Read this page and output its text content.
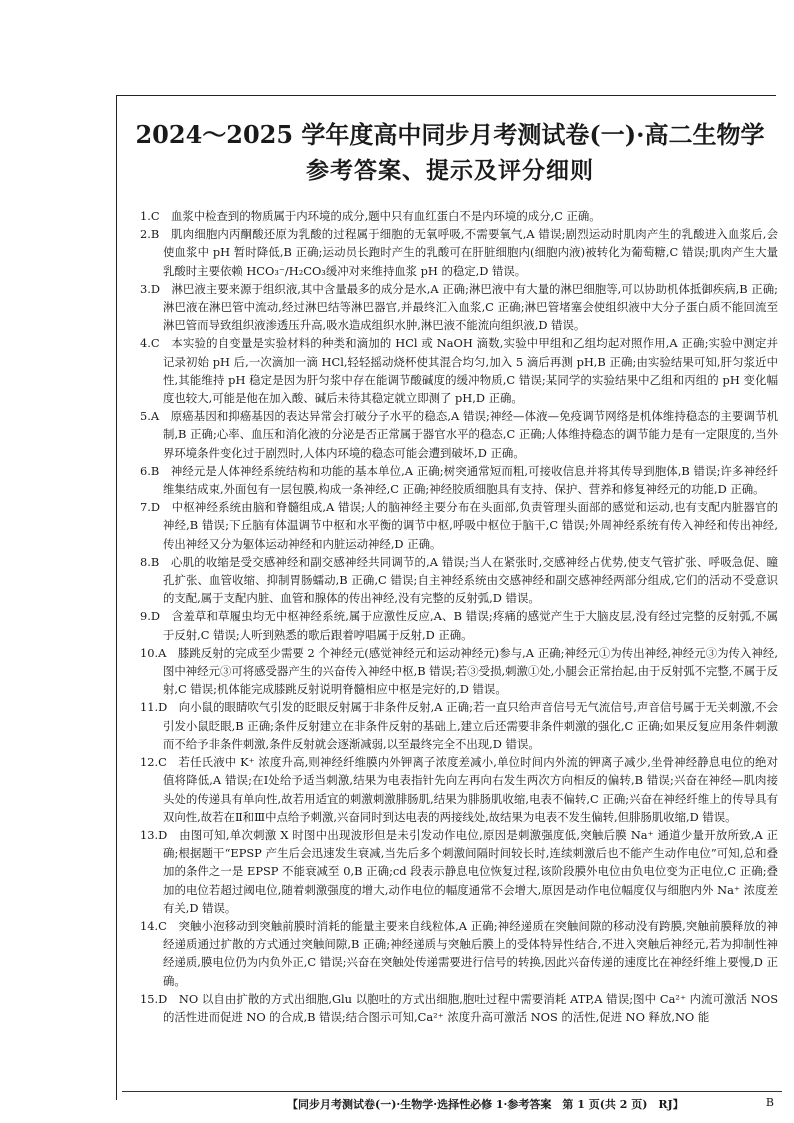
2024～2025 学年度高中同步月考测试卷(一)·高二生物学
参考答案、提示及评分细则

1.C　血浆中检查到的物质属于内环境的成分,题中只有血红蛋白不是内环境的成分,C 正确。

2.B　肌肉细胞内丙酮酸还原为乳酸的过程属于细胞的无氧呼吸,不需要氧气,A 错误;剧烈运动时肌肉产生的乳酸进入血浆后,会使血浆中 pH 暂时降低,B 正确;运动员长跑时产生的乳酸可在肝脏细胞内(细胞内液)被转化为葡萄糖,C 错误;肌肉产生大量乳酸时主要依赖 HCO₃⁻/H₂CO₃缓冲对来维持血浆 pH 的稳定,D 错误。

3.D　淋巴液主要来源于组织液,其中含量最多的成分是水,A 正确;淋巴液中有大量的淋巴细胞等,可以协助机体抵御疾病,B 正确;淋巴液在淋巴管中流动,经过淋巴结等淋巴器官,并最终汇入血浆,C 正确;淋巴管堵塞会使组织液中大分子蛋白质不能回流至淋巴管而导致组织液渗透压升高,吸水造成组织水肿,淋巴液不能流向组织液,D 错误。

4.C　本实验的自变量是实验材料的种类和滴加的 HCl 或 NaOH 滴数,实验中甲组和乙组均起对照作用,A 正确;实验中测定并记录初始 pH 后,一次滴加一滴 HCl,轻轻摇动烧杯使其混合均匀,加入 5 滴后再测 pH,B 正确;由实验结果可知,肝匀浆近中性,其能维持 pH 稳定是因为肝匀浆中存在能调节酸碱度的缓冲物质,C 错误;某同学的实验结果中乙组和丙组的 pH 变化幅度也较大,可能是他在加入酸、碱后未待其稳定就立即测了 pH,D 正确。

5.A　原癌基因和抑癌基因的表达异常会打破分子水平的稳态,A 错误;神经—体液—免疫调节网络是机体维持稳态的主要调节机制,B 正确;心率、血压和消化液的分泌是否正常属于器官水平的稳态,C 正确;人体维持稳态的调节能力是有一定限度的,当外界环境条件变化过于剧烈时,人体内环境的稳态可能会遭到破坏,D 正确。

6.B　神经元是人体神经系统结构和功能的基本单位,A 正确;树突通常短而粗,可接收信息并将其传导到胞体,B 错误;许多神经纤维集结成束,外面包有一层包膜,构成一条神经,C 正确;神经胶质细胞具有支持、保护、营养和修复神经元的功能,D 正确。

7.D　中枢神经系统由脑和脊髓组成,A 错误;人的脑神经主要分布在头面部,负责管理头面部的感觉和运动,也有支配内脏器官的神经,B 错误;下丘脑有体温调节中枢和水平衡的调节中枢,呼吸中枢位于脑干,C 错误;外周神经系统有传入神经和传出神经,传出神经又分为躯体运动神经和内脏运动神经,D 正确。

8.B　心肌的收缩是受交感神经和副交感神经共同调节的,A 错误;当人在紧张时,交感神经占优势,使支气管扩张、呼吸急促、瞳孔扩张、血管收缩、抑制胃肠蠕动,B 正确,C 错误;自主神经系统由交感神经和副交感神经两部分组成,它们的活动不受意识的支配,属于支配内脏、血管和腺体的传出神经,没有完整的反射弧,D 错误。

9.D　含羞草和草履虫均无中枢神经系统,属于应激性反应,A、B 错误;疼痛的感觉产生于大脑皮层,没有经过完整的反射弧,不属于反射,C 错误;人听到熟悉的歌后跟着哼唱属于反射,D 正确。

10.A　膝跳反射的完成至少需要 2 个神经元(感觉神经元和运动神经元)参与,A 正确;神经元①为传出神经,神经元③为传入神经,图中神经元③可将感受器产生的兴奋传入神经中枢,B 错误;若③受损,刺激①处,小腿会正常抬起,由于反射弧不完整,不属于反射,C 错误;机体能完成膝跳反射说明脊髓相应中枢是完好的,D 错误。

11.D　向小鼠的眼睛吹气引发的眨眼反射属于非条件反射,A 正确;若一直只给声音信号无气流信号,声音信号属于无关刺激,不会引发小鼠眨眼,B 正确;条件反射建立在非条件反射的基础上,建立后还需要非条件刺激的强化,C 正确;如果反复应用条件刺激而不给予非条件刺激,条件反射就会逐渐减弱,以至最终完全不出现,D 错误。

12.C　若任氏液中 K⁺ 浓度升高,则神经纤维膜内外钾离子浓度差减小,单位时间内外流的钾离子减少,坐骨神经静息电位的绝对值将降低,A 错误;在Ⅰ处给予适当刺激,结果为电表指针先向左再向右发生两次方向相反的偏转,B 错误;兴奋在神经—肌肉接头处的传递具有单向性,故若用适宜的刺激刺激腓肠肌,结果为腓肠肌收缩,电表不偏转,C 正确;兴奋在神经纤维上的传导具有双向性,故若在Ⅱ和Ⅲ中点给予刺激,兴奋同时到达电表的两接线处,故结果为电表不发生偏转,但腓肠肌收缩,D 错误。

13.D　由图可知,单次刺激 X 时图中出现波形但是未引发动作电位,原因是刺激强度低,突触后膜 Na⁺ 通道少量开放所致,A 正确;根据题干“EPSP 产生后会迅速发生衰减,当先后多个刺激间隔时间较长时,连续刺激后也不能产生动作电位”可知,总和叠加的条件之一是 EPSP 不能衰减至 0,B 正确;cd 段表示静息电位恢复过程,该阶段膜外电位由负电位变为正电位,C 正确;叠加的电位若超过阈电位,随着刺激强度的增大,动作电位的幅度通常不会增大,原因是动作电位幅度仅与细胞内外 Na⁺ 浓度差有关,D 错误。

14.C　突触小泡移动到突触前膜时消耗的能量主要来自线粒体,A 正确;神经递质在突触间隙的移动没有跨膜,突触前膜释放的神经递质通过扩散的方式通过突触间隙,B 正确;神经递质与突触后膜上的受体特异性结合,不进入突触后神经元,若为抑制性神经递质,膜电位仍为内负外正,C 错误;兴奋在突触处传递需要进行信号的转换,因此兴奋传递的速度比在神经纤维上要慢,D 正确。

15.D　NO 以自由扩散的方式出细胞,Glu 以胞吐的方式出细胞,胞吐过程中需要消耗 ATP,A 错误;图中 Ca²⁺ 内流可激活 NOS 的活性进而促进 NO 的合成,B 错误;结合图示可知,Ca²⁺ 浓度升高可激活 NOS 的活性,促进 NO 释放,NO 能

【同步月考测试卷(一)·生物学·选择性必修 1·参考答案　第 1 页(共 2 页)　RJ】	B
